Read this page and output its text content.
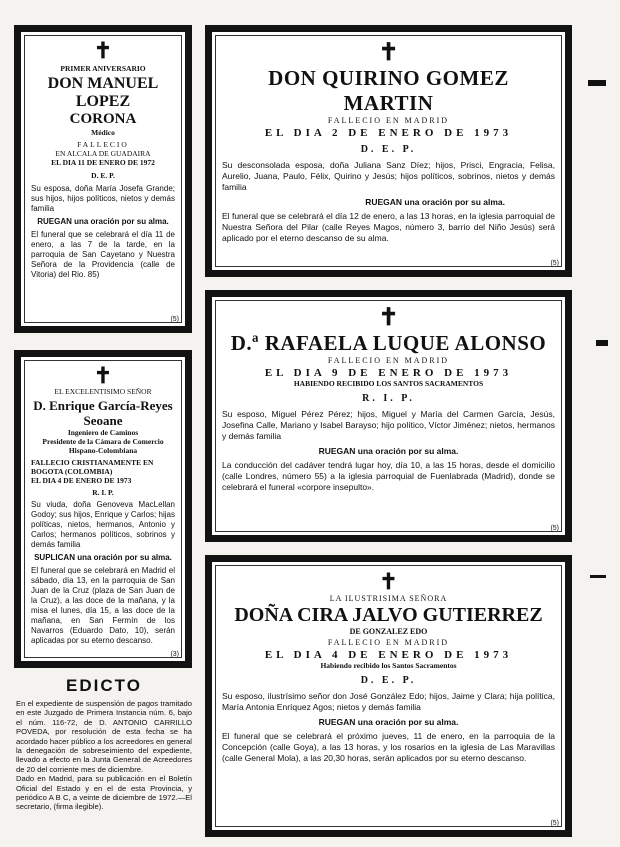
✝
PRIMER ANIVERSARIO
DON MANUEL LOPEZ
CORONA
Médico
FALLECIO
EN ALCALA DE GUADAIRA
EL DIA 11 DE ENERO DE 1972
D. E. P.
Su esposa, doña María Josefa Grande; sus hijos, hijos políticos, nietos y demás familia
RUEGAN una oración por su alma.
El funeral que se celebrará el día 11 de enero, a las 7 de la tarde, en la parroquia de San Cayetano y Nuestra Señora de la Providencia (calle de Vitoria) del Rio. 85)
(5)
✝
EL EXCELENTISIMO SEÑOR
D. Enrique García-Reyes
Seoane
Ingeniero de Caminos
Presidente de la Cámara de Comercio Hispano-Colombiana
FALLECIO CRISTIANAMENTE EN BOGOTA (COLOMBIA)
EL DIA 4 DE ENERO DE 1973
R. I. P.
Su viuda, doña Genoveva MacLellan Godoy; sus hijos, Enrique y Carlos; hijas políticas, nietos, hermanos, Antonio y Carlos; hermanos políticos, sobrinos y demás familia
SUPLICAN una oración por su alma.
El funeral que se celebrará en Madrid el sábado, día 13, en la parroquia de San Juan de la Cruz (plaza de San Juan de la Cruz), a las doce de la mañana, y la misa el lunes, día 15, a las doce de la mañana, en San Fermín de los Navarros (Eduardo Dato, 10), serán aplicadas por su eterno descanso.
(3)
EDICTO
En el expediente de suspensión de pagos tramitado en este Juzgado de Primera Instancia núm. 6, bajo el núm. 116-72, de D. ANTONIO CARRILLO POVEDA, por resolución de esta fecha se ha acordado hacer público a los acreedores en general la denegación de sobreseimiento del expediente, llevado a efecto en la Junta General de Acreedores de 20 del corriente mes de diciembre.
Dado en Madrid, para su publicación en el Boletín Oficial del Estado y en el de esta Provincia, y periódico A B C, a veinte de diciembre de 1972.—El secretario, (firma ilegible).
✝
DON QUIRINO GOMEZ MARTIN
FALLECIO EN MADRID
EL DIA 2 DE ENERO DE 1973
D. E. P.
Su desconsolada esposa, doña Juliana Sanz Díez; hijos, Prisci, Engracia, Felisa, Aurelio, Juana, Paulo, Félix, Quirino y Jesús; hijos políticos, sobrinos, nietos y demás familia
RUEGAN una oración por su alma.
El funeral que se celebrará el día 12 de enero, a las 13 horas, en la iglesia parroquial de Nuestra Señora del Pilar (calle Reyes Magos, número 3, barrio del Niño Jesús) será aplicado por el eterno descanso de su alma.
(5)
✝
D.ª RAFAELA LUQUE ALONSO
FALLECIO EN MADRID
EL DIA 9 DE ENERO DE 1973
HABIENDO RECIBIDO LOS SANTOS SACRAMENTOS
R. I. P.
Su esposo, Miguel Pérez Pérez; hijos, Miguel y María del Carmen García, Jesús, Josefina Calle, Mariano y Isabel Barayso; hijo político, Víctor Jiménez; nietos, hermanos y demás familia
RUEGAN una oración por su alma.
La conducción del cadáver tendrá lugar hoy, día 10, a las 15 horas, desde el domicilio (calle Londres, número 55) a la iglesia parroquial de Fuenlabrada (Madrid), donde se celebrará el funeral «corpore insepulto».
(5)
✝
LA ILUSTRISIMA SEÑORA
DOÑA CIRA JALVO GUTIERREZ
DE GONZALEZ EDO
FALLECIO EN MADRID
EL DIA 4 DE ENERO DE 1973
Habiendo recibido los Santos Sacramentos
D. E. P.
Su esposo, ilustrísimo señor don José González Edo; hijos, Jaime y Clara; hija política, María Antonia Enríquez Agos; nietos y demás familia
RUEGAN una oración por su alma.
El funeral que se celebrará el próximo jueves, 11 de enero, en la parroquia de la Concepción (calle Goya), a las 13 horas, y los rosarios en la iglesia de Las Maravillas (calle General Mola), a las 20,30 horas, serán aplicados por su eterno descanso.
(5)
